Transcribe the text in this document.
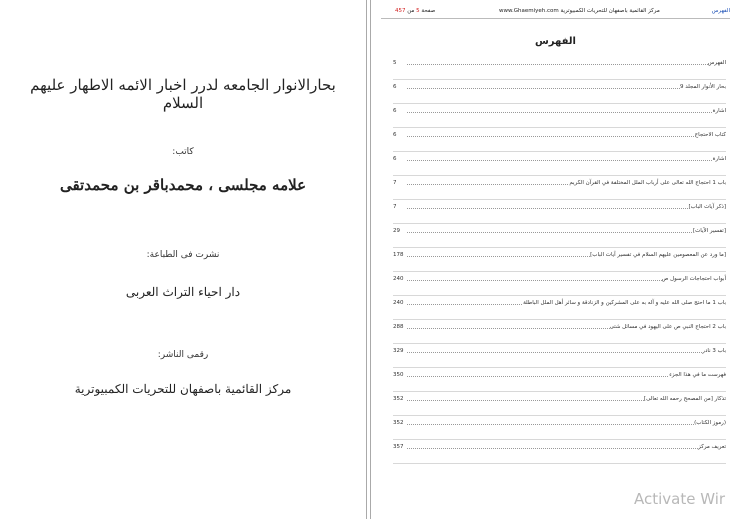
بحارالانوار الجامعه لدرر اخبار الائمه الاطهار علیهم السلام
کاتب:
علامه مجلسی ، محمدباقر بن محمدتقی
نشرت فی الطباعة:
دار احیاء التراث العربی
رقمی الناشر:
مرکز القائمیة باصفهان للتحریات الکمبیوتریة
الفهرس
www.Ghaemiyeh.com مركز القائمية باصفهان للتحريات الكمبيوترية
صفحة 5 من 457
الفهرس
الفهرس
5
بحار الأنوار المجلد 9
6
اشارة
6
كتاب الاحتجاج
6
اشارة
6
باب 1 احتجاج الله تعالى على أرباب الملل المختلفة في القرآن الكريم
7
[ذكر آيات الباب]
7
[تفسير الآيات]
29
[ما ورد عن المعصومين عليهم السلام في تفسير آيات الباب]
178
أبواب احتجاجات الرسول ص
240
باب 1 ما احتج صلى الله عليه و آله به على المشركين و الزنادقة و سائر أهل الملل الباطلة
240
باب 2 احتجاج النبي ص على اليهود في مسائل شتى
288
باب 3 نادر
329
فهرست ما في هذا الجزء
350
تذكار [من المصحح رحمه الله تعالى]
352
(رموز الكتاب)
352
تعريف مركز
357
Activate Wir
